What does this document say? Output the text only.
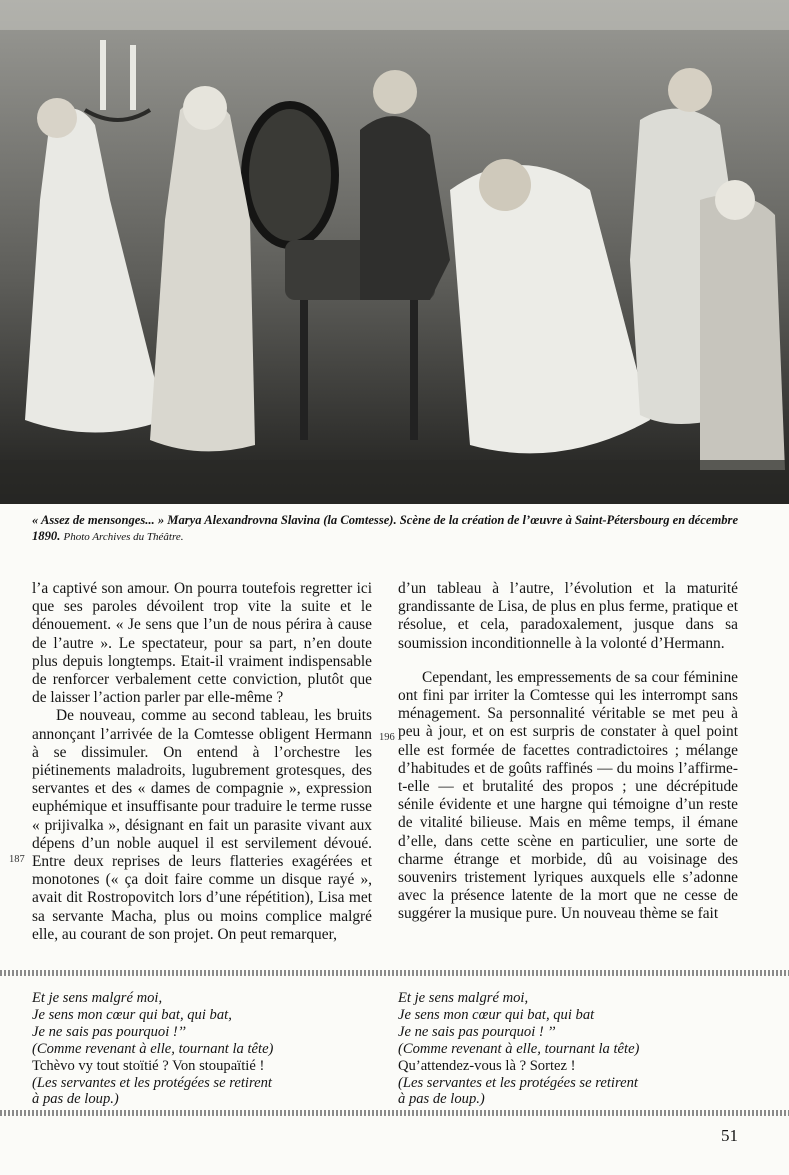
« Assez de mensonges... » Marya Alexandrovna Slavina (la Comtesse). Scène de la création de l’œuvre à Saint-Pétersbourg en décembre 1890. Photo Archives du Théâtre.

l’a captivé son amour. On pourra toutefois regretter ici que ses paroles dévoilent trop vite la suite et le dénouement. « Je sens que l’un de nous périra à cause de l’autre ». Le spectateur, pour sa part, n’en doute plus depuis longtemps. Etait-il vraiment indispensable de renforcer verbalement cette conviction, plutôt que de laisser l’action parler par elle-même ?

De nouveau, comme au second tableau, les bruits annonçant l’arrivée de la Comtesse obligent Hermann à se dissimuler. On entend à l’orchestre les piétinements maladroits, lugubrement grotesques, des servantes et des « dames de compagnie », expression euphémique et insuffisante pour traduire le terme russe « prijivalka », désignant en fait un parasite vivant aux dépens d’un noble auquel il est servilement dévoué. Entre deux reprises de leurs flatteries exagérées et monotones (« ça doit faire comme un disque rayé », avait dit Rostropovitch lors d’une répétition), Lisa met sa servante Macha, plus ou moins complice malgré elle, au courant de son projet. On peut remarquer,

d’un tableau à l’autre, l’évolution et la maturité grandissante de Lisa, de plus en plus ferme, pratique et résolue, et cela, paradoxalement, jusque dans sa soumission inconditionnelle à la volonté d’Hermann.

Cependant, les empressements de sa cour féminine ont fini par irriter la Comtesse qui les interrompt sans ménagement. Sa personnalité véritable se met peu à peu à jour, et on est surpris de constater à quel point elle est formée de facettes contradictoires ; mélange d’habitudes et de goûts raffinés — du moins l’affirme-t-elle — et brutalité des propos ; une décrépitude sénile évidente et une hargne qui témoigne d’un reste de vitalité bilieuse. Mais en même temps, il émane d’elle, dans cette scène en particulier, une sorte de charme étrange et morbide, dû au voisinage des souvenirs tristement lyriques auxquels elle s’adonne avec la présence latente de la mort que ne cesse de suggérer la musique pure. Un nouveau thème se fait

187
196
Et je sens malgré moi,
Je sens mon cœur qui bat, qui bat,
Je ne sais pas pourquoi !’’
(Comme revenant à elle, tournant la tête)
Tchèvo vy tout stoïtié ? Von stoupaïtié !
(Les servantes et les protégées se retirent
à pas de loup.)
Et je sens malgré moi,
Je sens mon cœur qui bat, qui bat
Je ne sais pas pourquoi ! ’’
(Comme revenant à elle, tournant la tête)
Qu’attendez-vous là ? Sortez !
(Les servantes et les protégées se retirent
à pas de loup.)
51
